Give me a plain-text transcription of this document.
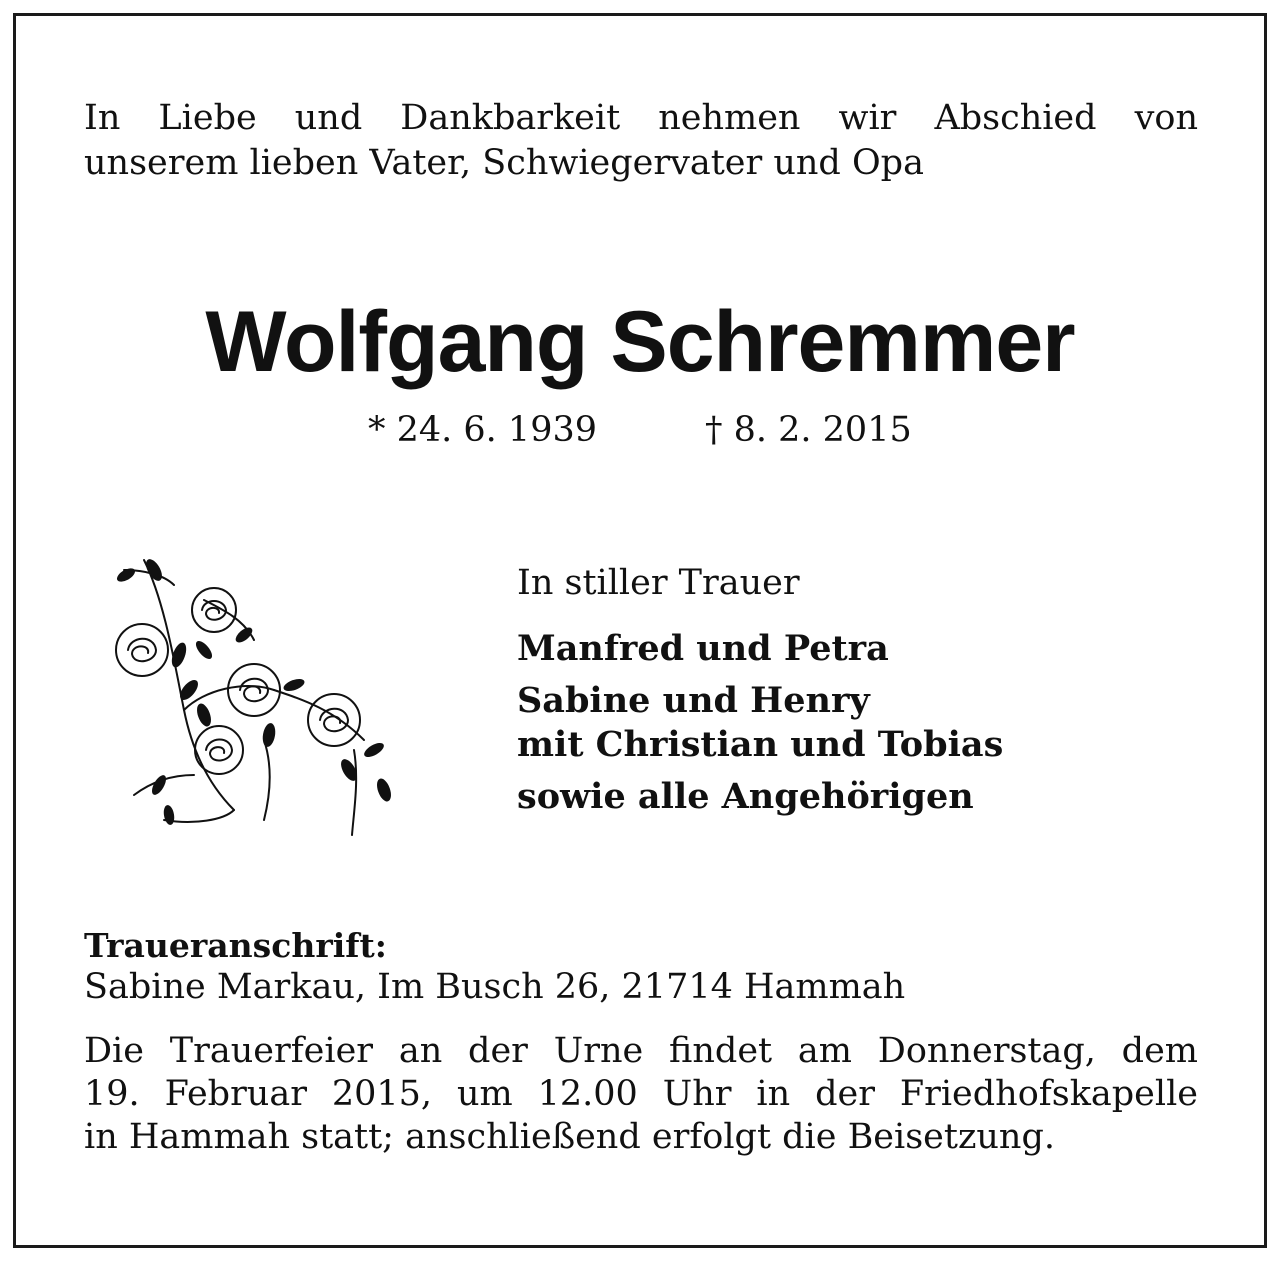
In Liebe und Dankbarkeit nehmen wir Abschied von
unserem lieben Vater, Schwiegervater und Opa
Wolfgang Schremmer
* 24. 6. 1939	† 8. 2. 2015
In stiller Trauer
Manfred und Petra
Sabine und Henry
mit Christian und Tobias
sowie alle Angehörigen
Traueranschrift:
Sabine Markau, Im Busch 26, 21714 Hammah
Die Trauerfeier an der Urne findet am Donnerstag, dem
19. Februar 2015, um 12.00 Uhr in der Friedhofskapelle
in Hammah statt; anschließend erfolgt die Beisetzung.
